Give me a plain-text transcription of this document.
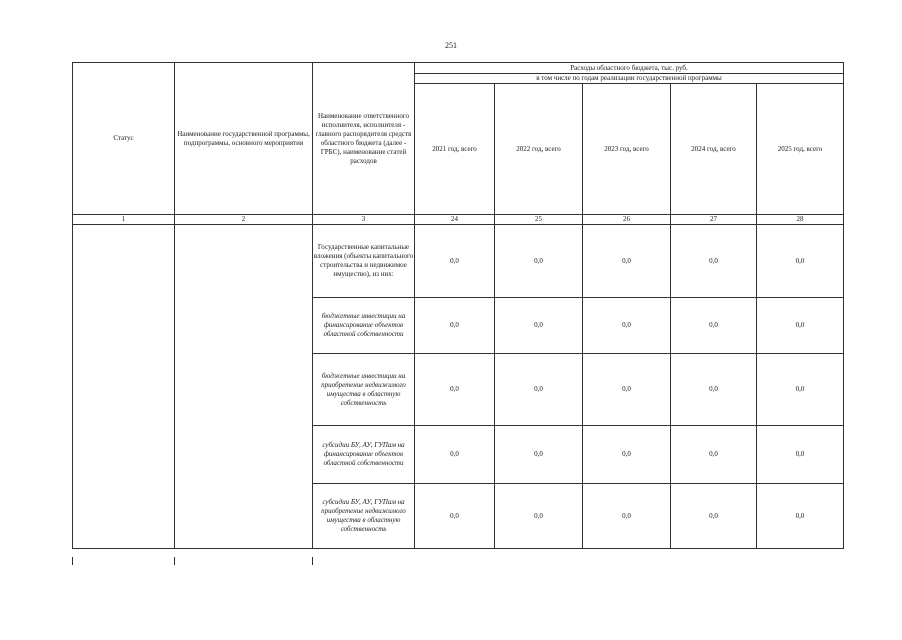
251
Статус	Наименование государственной программы, подпрограммы, основного мероприятия	Наименование ответственного исполнителя, исполнителя - главного распорядителя средств областного бюджета (далее - ГРБС), наименование статей расходов	Расходы областного бюджета, тыс. руб.				
			в том числе по годам реализации государственной программы				
			2021 год, всего	2022 год, всего	2023 год, всего	2024 год, всего	2025 год, всего
1	2	3	24	25	26	27	28
		Государственные капитальные вложения (объекты капитального строительства и недвижимое имущество), из них:	0,0	0,0	0,0	0,0	0,0
		бюджетные инвестиции на финансирование объектов областной собственности	0,0	0,0	0,0	0,0	0,0
		бюджетные инвестиции на приобретение недвижимого имущества в областную собственность	0,0	0,0	0,0	0,0	0,0
		субсидии БУ, АУ, ГУПам на финансирование объектов областной собственности	0,0	0,0	0,0	0,0	0,0
		субсидии БУ, АУ, ГУПам на приобретение недвижимого имущества в областную собственность	0,0	0,0	0,0	0,0	0,0
